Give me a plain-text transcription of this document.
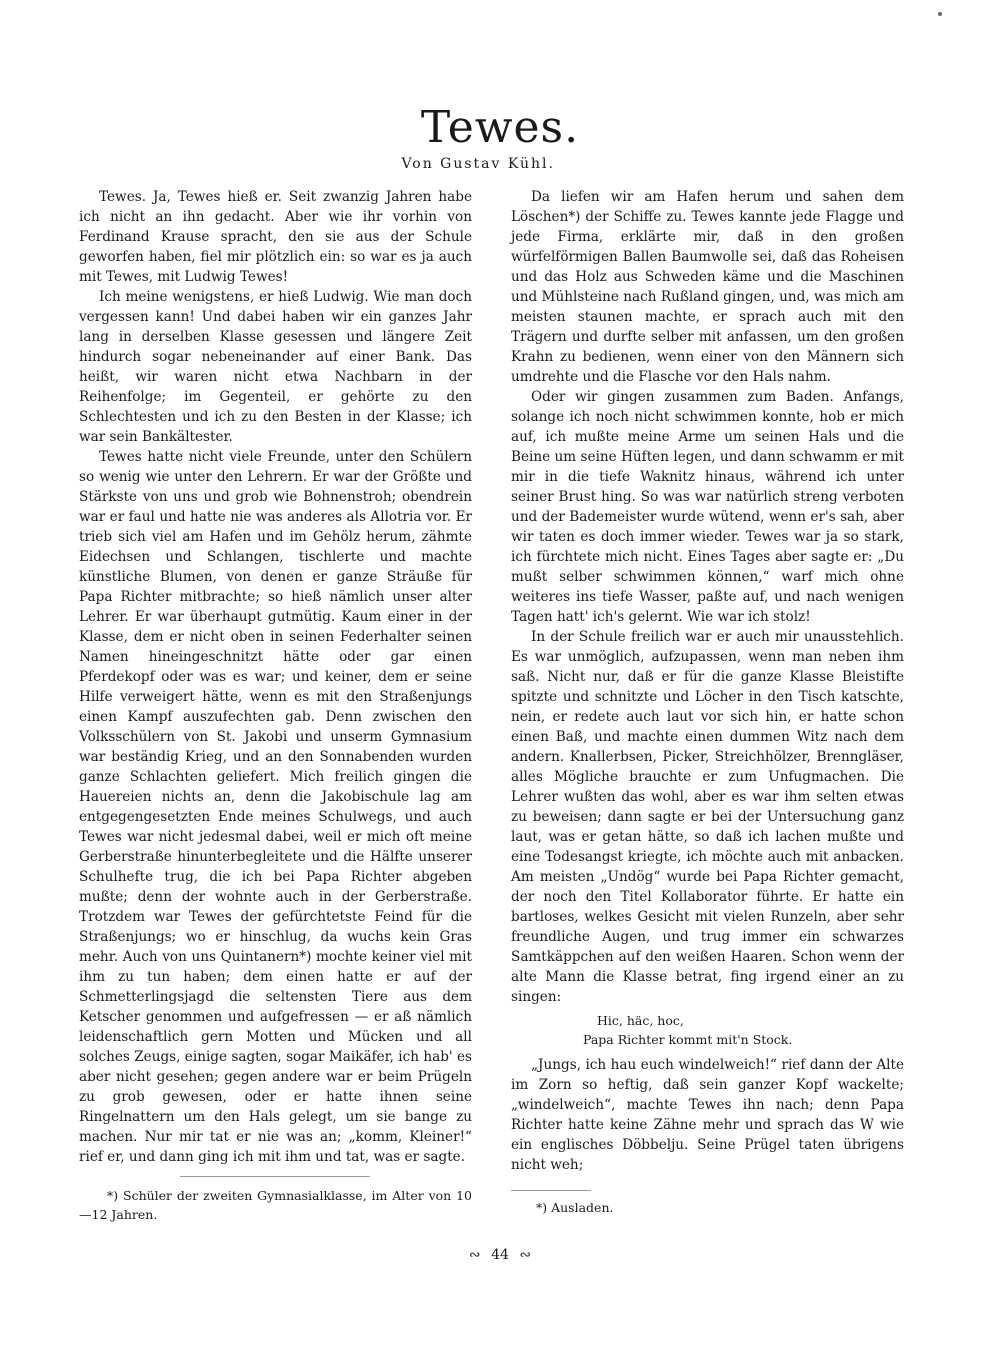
Tewes.
Von Gustav Kühl.

Tewes. Ja, Tewes hieß er. Seit zwanzig Jahren habe ich nicht an ihn gedacht. Aber wie ihr vorhin von Ferdinand Krause spracht, den sie aus der Schule geworfen haben, fiel mir plötzlich ein: so war es ja auch mit Tewes, mit Ludwig Tewes!

Ich meine wenigstens, er hieß Ludwig. Wie man doch vergessen kann! Und dabei haben wir ein ganzes Jahr lang in derselben Klasse gesessen und längere Zeit hindurch sogar nebeneinander auf einer Bank. Das heißt, wir waren nicht etwa Nachbarn in der Reihenfolge; im Gegenteil, er gehörte zu den Schlechtesten und ich zu den Besten in der Klasse; ich war sein Bankältester.

Tewes hatte nicht viele Freunde, unter den Schülern so wenig wie unter den Lehrern. Er war der Größte und Stärkste von uns und grob wie Bohnenstroh; obendrein war er faul und hatte nie was anderes als Allotria vor. Er trieb sich viel am Hafen und im Gehölz herum, zähmte Eidechsen und Schlangen, tischlerte und machte künstliche Blumen, von denen er ganze Sträuße für Papa Richter mitbrachte; so hieß nämlich unser alter Lehrer. Er war überhaupt gutmütig. Kaum einer in der Klasse, dem er nicht oben in seinen Federhalter seinen Namen hineingeschnitzt hätte oder gar einen Pferdekopf oder was es war; und keiner, dem er seine Hilfe verweigert hätte, wenn es mit den Straßenjungs einen Kampf auszufechten gab. Denn zwischen den Volksschülern von St. Jakobi und unserm Gymnasium war beständig Krieg, und an den Sonnabenden wurden ganze Schlachten geliefert. Mich freilich gingen die Hauereien nichts an, denn die Jakobischule lag am entgegengesetzten Ende meines Schulwegs, und auch Tewes war nicht jedesmal dabei, weil er mich oft meine Gerberstraße hinunterbegleitete und die Hälfte unserer Schulhefte trug, die ich bei Papa Richter abgeben mußte; denn der wohnte auch in der Gerberstraße. Trotzdem war Tewes der gefürchtetste Feind für die Straßenjungs; wo er hinschlug, da wuchs kein Gras mehr. Auch von uns Quintanern*) mochte keiner viel mit ihm zu tun haben; dem einen hatte er auf der Schmetterlingsjagd die seltensten Tiere aus dem Ketscher genommen und aufgefressen — er aß nämlich leidenschaftlich gern Motten und Mücken und all solches Zeugs, einige sagten, sogar Maikäfer, ich hab' es aber nicht gesehen; gegen andere war er beim Prügeln zu grob gewesen, oder er hatte ihnen seine Ringelnattern um den Hals gelegt, um sie bange zu machen. Nur mir tat er nie was an; „komm, Kleiner!“ rief er, und dann ging ich mit ihm und tat, was er sagte.

Da liefen wir am Hafen herum und sahen dem Löschen*) der Schiffe zu. Tewes kannte jede Flagge und jede Firma, erklärte mir, daß in den großen würfelförmigen Ballen Baumwolle sei, daß das Roheisen und das Holz aus Schweden käme und die Maschinen und Mühlsteine nach Rußland gingen, und, was mich am meisten staunen machte, er sprach auch mit den Trägern und durfte selber mit anfassen, um den großen Krahn zu bedienen, wenn einer von den Männern sich umdrehte und die Flasche vor den Hals nahm.

Oder wir gingen zusammen zum Baden. Anfangs, solange ich noch nicht schwimmen konnte, hob er mich auf, ich mußte meine Arme um seinen Hals und die Beine um seine Hüften legen, und dann schwamm er mit mir in die tiefe Waknitz hinaus, während ich unter seiner Brust hing. So was war natürlich streng verboten und der Bademeister wurde wütend, wenn er's sah, aber wir taten es doch immer wieder. Tewes war ja so stark, ich fürchtete mich nicht. Eines Tages aber sagte er: „Du mußt selber schwimmen können,“ warf mich ohne weiteres ins tiefe Wasser, paßte auf, und nach wenigen Tagen hatt' ich's gelernt. Wie war ich stolz!

In der Schule freilich war er auch mir unausstehlich. Es war unmöglich, aufzupassen, wenn man neben ihm saß. Nicht nur, daß er für die ganze Klasse Bleistifte spitzte und schnitzte und Löcher in den Tisch katschte, nein, er redete auch laut vor sich hin, er hatte schon einen Baß, und machte einen dummen Witz nach dem andern. Knallerbsen, Picker, Streichhölzer, Brenngläser, alles Mögliche brauchte er zum Unfugmachen. Die Lehrer wußten das wohl, aber es war ihm selten etwas zu beweisen; dann sagte er bei der Untersuchung ganz laut, was er getan hätte, so daß ich lachen mußte und eine Todesangst kriegte, ich möchte auch mit anbacken. Am meisten „Undög“ wurde bei Papa Richter gemacht, der noch den Titel Kollaborator führte. Er hatte ein bartloses, welkes Gesicht mit vielen Runzeln, aber sehr freundliche Augen, und trug immer ein schwarzes Samtkäppchen auf den weißen Haaren. Schon wenn der alte Mann die Klasse betrat, fing irgend einer an zu singen:

Hic, häc, hoc,
Papa Richter kommt mit'n Stock.

„Jungs, ich hau euch windelweich!“ rief dann der Alte im Zorn so heftig, daß sein ganzer Kopf wackelte; „windelweich“, machte Tewes ihn nach; denn Papa Richter hatte keine Zähne mehr und sprach das W wie ein englisches Döbbelju. Seine Prügel taten übrigens nicht weh;

*) Schüler der zweiten Gymnasialklasse, im Alter von 10—12 Jahren.	*) Ausladen.
∾ 44 ∾
